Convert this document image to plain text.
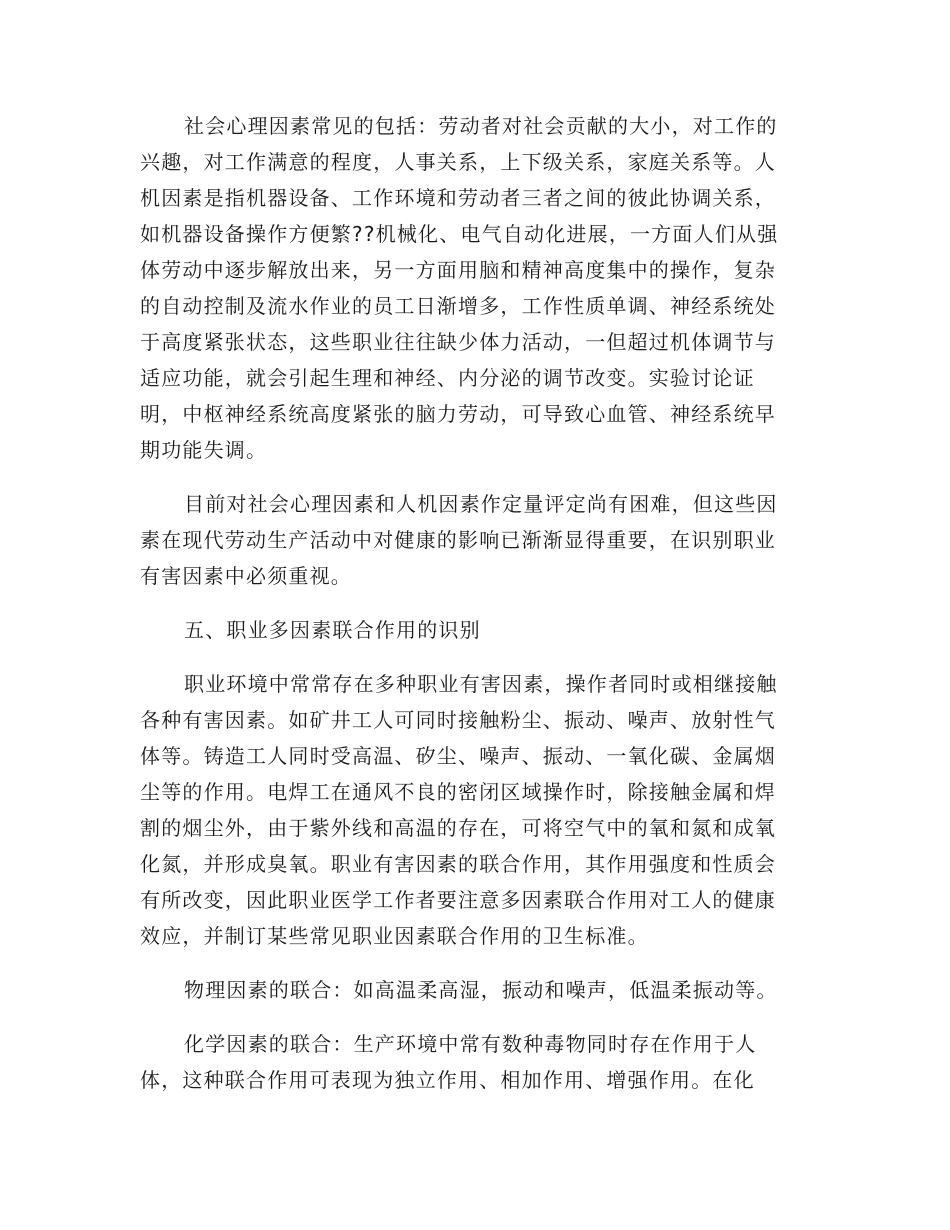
社会心理因素常见的包括：劳动者对社会贡献的大小，对工作的
兴趣，对工作满意的程度，人事关系，上下级关系，家庭关系等。人
机因素是指机器设备、工作环境和劳动者三者之间的彼此协调关系，
如机器设备操作方便繁??机械化、电气自动化进展，一方面人们从强
体劳动中逐步解放出来，另一方面用脑和精神高度集中的操作，复杂
的自动控制及流水作业的员工日渐增多，工作性质单调、神经系统处
于高度紧张状态，这些职业往往缺少体力活动，一但超过机体调节与
适应功能，就会引起生理和神经、内分泌的调节改变。实验讨论证
明，中枢神经系统高度紧张的脑力劳动，可导致心血管、神经系统早
期功能失调。
目前对社会心理因素和人机因素作定量评定尚有困难，但这些因
素在现代劳动生产活动中对健康的影响已渐渐显得重要，在识别职业
有害因素中必须重视。
五、职业多因素联合作用的识别
职业环境中常常存在多种职业有害因素，操作者同时或相继接触
各种有害因素。如矿井工人可同时接触粉尘、振动、噪声、放射性气
体等。铸造工人同时受高温、矽尘、噪声、振动、一氧化碳、金属烟
尘等的作用。电焊工在通风不良的密闭区域操作时，除接触金属和焊
割的烟尘外，由于紫外线和高温的存在，可将空气中的氧和氮和成氧
化氮，并形成臭氧。职业有害因素的联合作用，其作用强度和性质会
有所改变，因此职业医学工作者要注意多因素联合作用对工人的健康
效应，并制订某些常见职业因素联合作用的卫生标准。
物理因素的联合：如高温柔高湿，振动和噪声，低温柔振动等。
化学因素的联合：生产环境中常有数种毒物同时存在作用于人
体，这种联合作用可表现为独立作用、相加作用、增强作用。在化
